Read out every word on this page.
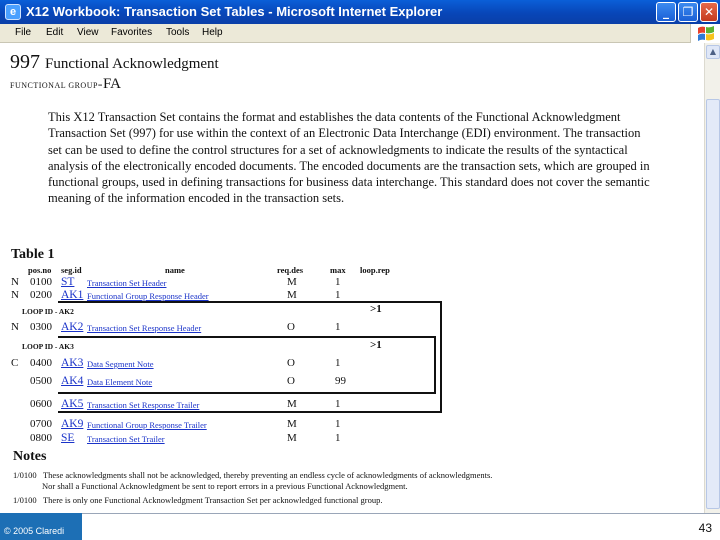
e X12 Workbook: Transaction Set Tables - Microsoft Internet Explorer	_	❐ ✕
File Edit View Favorites Tools Help
997 Functional Acknowledgment
FUNCTIONAL GROUP=FA
This X12 Transaction Set contains the format and establishes the data contents of the Functional Acknowledgment Transaction Set (997) for use within the context of an Electronic Data Interchange (EDI) environment. The transaction set can be used to define the control structures for a set of acknowledgments to indicate the results of the syntactical analysis of the electronically encoded documents. The encoded documents are the transaction sets, which are grouped in functional groups, used in defining transactions for business data interchange. This standard does not cover the semantic meaning of the information encoded in the transaction sets.
Table 1
pos.no seg.id	name	req.des	max loop.rep
N 0100 ST Transaction Set Header	M	1
N 0200 AK1 Functional Group Response Header	M	1
LOOP ID - AK2	>1
N 0300 AK2 Transaction Set Response Header	O	1
LOOP ID - AK3	>1
C 0400 AK3 Data Segment Note	O	1
0500 AK4 Data Element Note	O	99
0600 AK5 Transaction Set Response Trailer	M	1
0700 AK9 Functional Group Response Trailer	M	1
0800 SE Transaction Set Trailer	M	1
Notes
1/0100 These acknowledgments shall not be acknowledged, thereby preventing an endless cycle of acknowledgments of acknowledgments.
Nor shall a Functional Acknowledgment be sent to report errors in a previous Functional Acknowledgment.
1/0100 There is only one Functional Acknowledgment Transaction Set per acknowledged functional group.
▲
© 2005 Claredi	43
